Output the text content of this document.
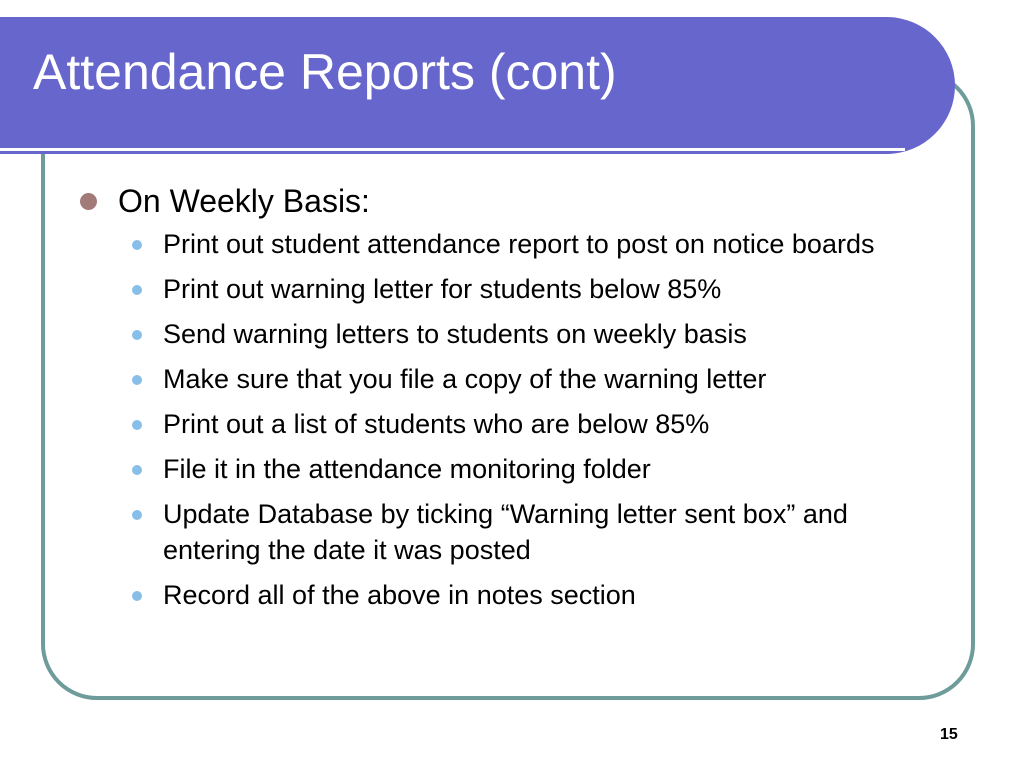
Attendance Reports (cont)
On Weekly Basis:
Print out student attendance report to post on notice boards
Print out warning letter for students below 85%
Send warning letters to students on weekly basis
Make sure that you file a copy of the warning letter
Print out a list of students who are below 85%
File it in the attendance monitoring folder
Update Database by ticking “Warning letter sent box” and entering the date it was posted
Record all of the above in notes section
15
